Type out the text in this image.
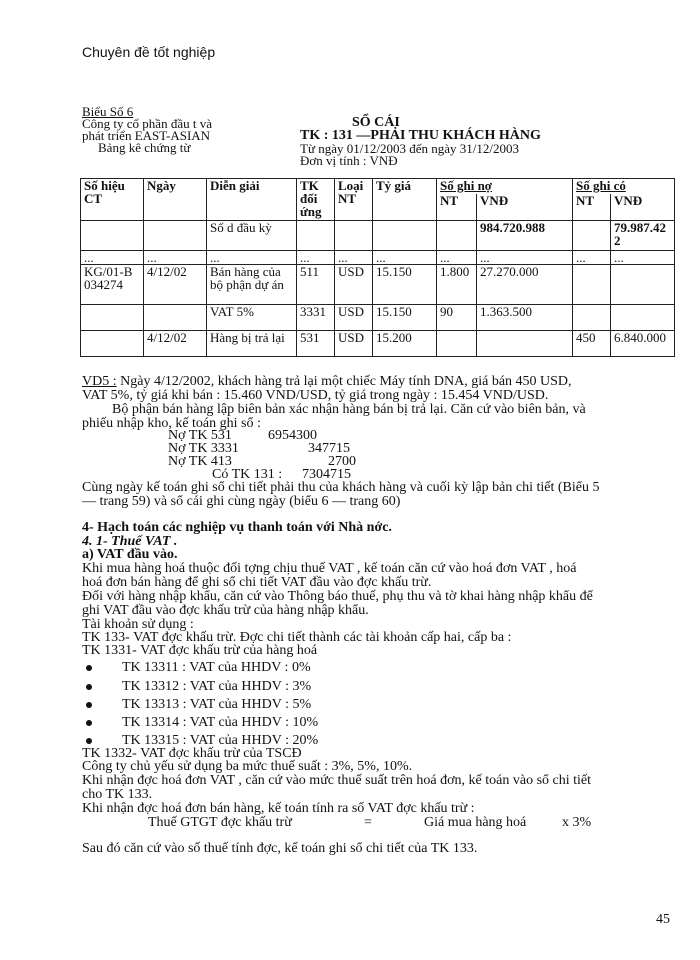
Chuyên đề tốt nghiệp
Biểu Số 6
Công ty cổ phần đầu t và
phát triển EAST-ASIAN
Bảng kê chứng từ
SỔ CÁI
TK : 131 —PHẢI THU KHÁCH HÀNG
Từ ngày 01/12/2003 đến ngày 31/12/2003
Đơn vị tính : VNĐ
Số hiệu CT	Ngày	Diễn giải	TK đối ứng	Loại NT	Tỷ giá	Số ghi nợ		Số ghi có	
						NT	VNĐ	NT	VNĐ
		Số d đầu kỳ					984.720.988		79.987.422
...	...	...	...	...	...	...	...	...	...
KG/01-B 034274	4/12/02	Bán hàng của bộ phận dự án	511	USD	15.150	1.800	27.270.000		
		VAT 5%	3331	USD	15.150	90	1.363.500		
	4/12/02	Hàng bị trả lại	531	USD	15.200			450	6.840.000
VD5 : Ngày 4/12/2002, khách hàng trả lại một chiếc Máy tính DNA, giá bán 450 USD,
VAT 5%, tỷ giá khi bán : 15.460 VND/USD, tỷ giá trong ngày : 15.454 VND/USD.
Bộ phận bán hàng lập biên bản xác nhận hàng bán bị trả lại. Căn cứ vào biên bản, và
phiếu nhập kho, kế toán ghi sổ :
Nợ TK 531	6954300
Nợ TK 3331	347715
Nợ TK 413	2700
Có TK 131 : 7304715
Cùng ngày kế toán ghi sổ chi tiết phải thu của khách hàng và cuối kỳ lập bản chi tiết (Biểu 5
— trang 59) và sổ cái ghi cùng ngày (biểu 6 — trang 60)
4- Hạch toán các nghiệp vụ thanh toán với Nhà nớc.
4. 1- Thuế VAT .
a) VAT đầu vào.
Khi mua hàng hoá thuộc đối tợng chịu thuế VAT , kế toán căn cứ vào hoá đơn VAT , hoá
hoá đơn bán hàng để ghi sổ chi tiết VAT đầu vào đợc khấu trừ.
Đối với hàng nhập khẩu, căn cứ vào Thông báo thuế, phụ thu và tờ khai hàng nhập khẩu để
ghi VAT đầu vào đợc khấu trừ của hàng nhập khẩu.
Tài khoản sử dụng :
TK 133- VAT đợc khấu trừ. Đợc chi tiết thành các tài khoản cấp hai, cấp ba :
TK 1331- VAT đợc khấu trừ của hàng hoá
TK 13311 : VAT của HHDV : 0%
TK 13312 : VAT của HHDV : 3%
TK 13313 : VAT của HHDV : 5%
TK 13314 : VAT của HHDV : 10%
TK 13315 : VAT của HHDV : 20%
TK 1332- VAT đợc khấu trừ của TSCĐ
Công ty chủ yếu sử dụng ba mức thuế suất : 3%, 5%, 10%.
Khi nhận đợc hoá đơn VAT , căn cứ vào mức thuế suất trên hoá đơn, kế toán vào sổ chi tiết
cho TK 133.
Khi nhận đợc hoá đơn bán hàng, kế toán tính ra số VAT đợc khấu trừ :
Thuế GTGT đợc khấu trừ	=	Giá mua hàng hoá	x 3%
Sau đó căn cứ vào số thuế tính đợc, kế toán ghi sổ chi tiết của TK 133.
45
